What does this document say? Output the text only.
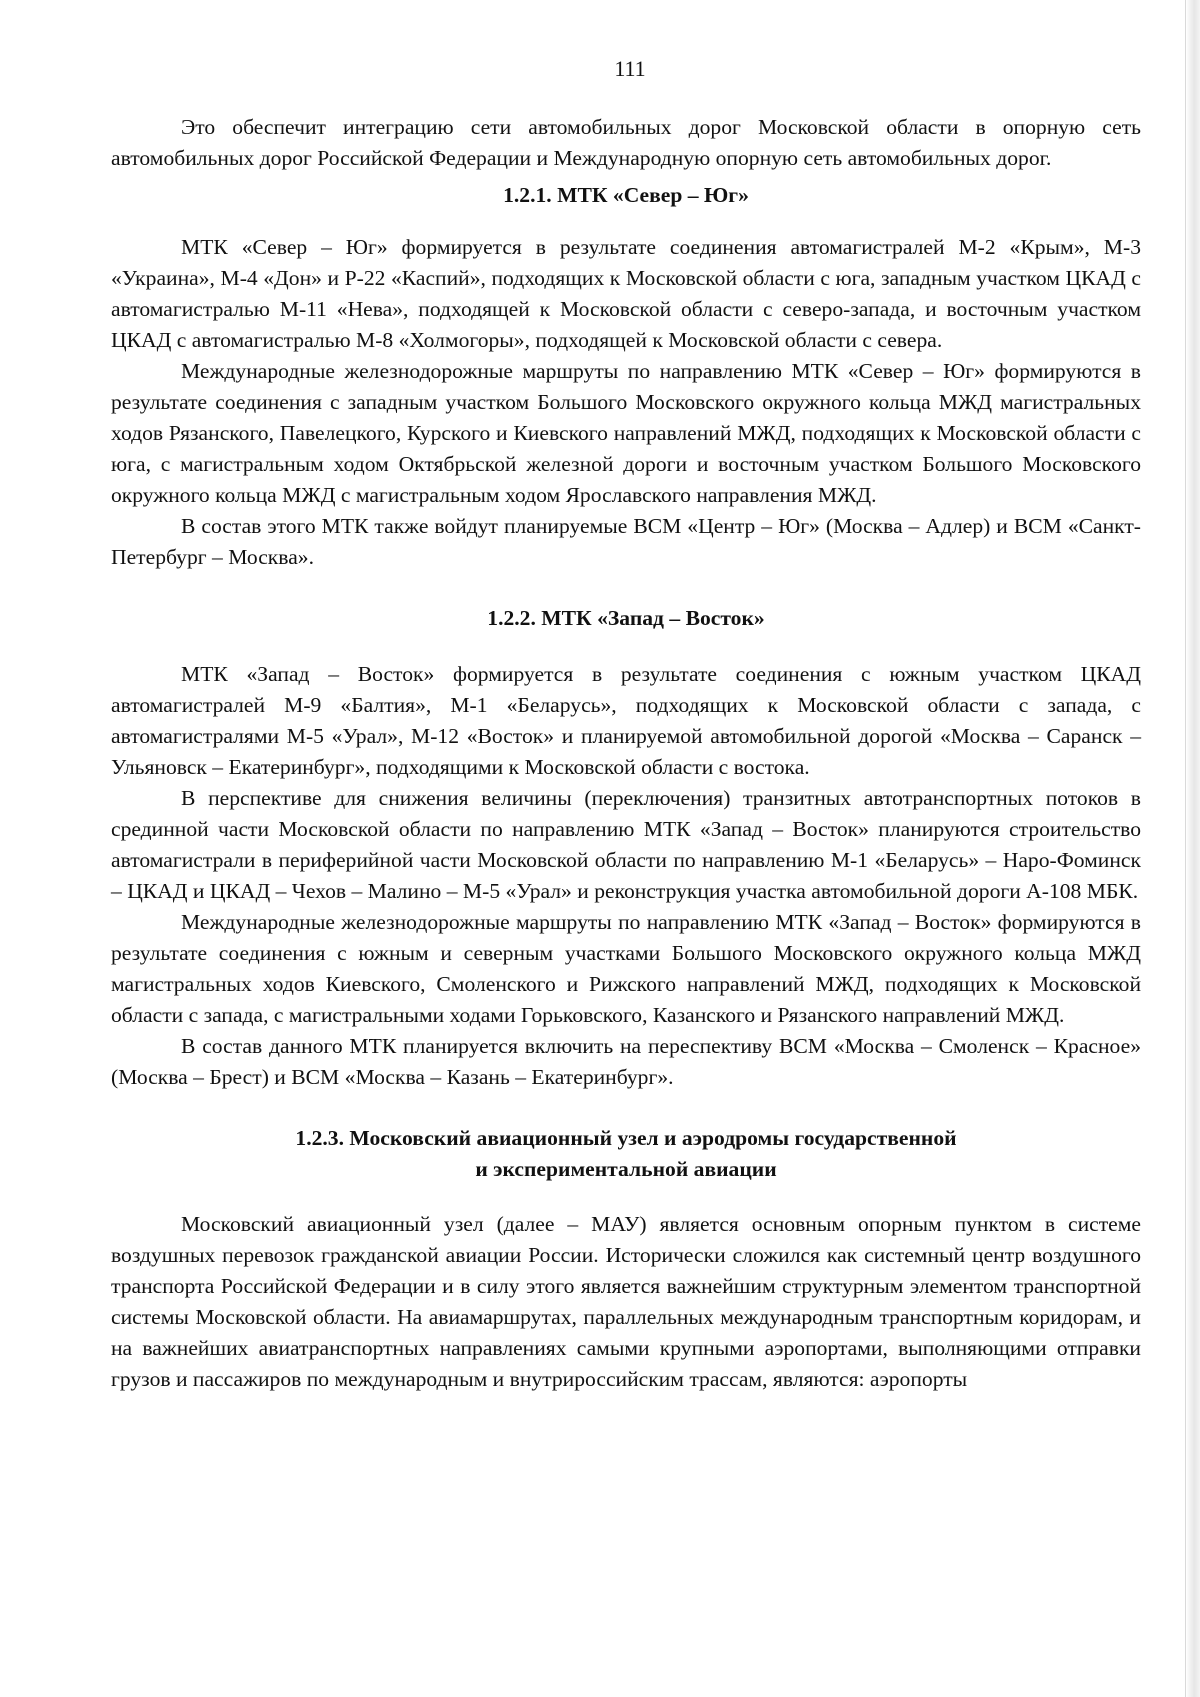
111

Это обеспечит интеграцию сети автомобильных дорог Московской области в опорную сеть автомобильных дорог Российской Федерации и Международную опорную сеть автомобильных дорог.

1.2.1. МТК «Север – Юг»

МТК «Север – Юг» формируется в результате соединения автомагистралей М-2 «Крым», М-3 «Украина», М-4 «Дон» и Р-22 «Каспий», подходящих к Московской области с юга, западным участком ЦКАД с автомагистралью М-11 «Нева», подходящей к Московской области с северо-запада, и восточным участком ЦКАД с автомагистралью М-8 «Холмогоры», подходящей к Московской области с севера.

Международные железнодорожные маршруты по направлению МТК «Север – Юг» формируются в результате соединения с западным участком Большого Московского окружного кольца МЖД магистральных ходов Рязанского, Павелецкого, Курского и Киевского направлений МЖД, подходящих к Московской области с юга, с магистральным ходом Октябрьской железной дороги и восточным участком Большого Московского окружного кольца МЖД с магистральным ходом Ярославского направления МЖД.

В состав этого МТК также войдут планируемые ВСМ «Центр – Юг» (Москва – Адлер) и ВСМ «Санкт-Петербург – Москва».

1.2.2. МТК «Запад – Восток»

МТК «Запад – Восток» формируется в результате соединения с южным участком ЦКАД автомагистралей М-9 «Балтия», М-1 «Беларусь», подходящих к Московской области с запада, с автомагистралями М-5 «Урал», М-12 «Восток» и планируемой автомобильной дорогой «Москва – Саранск – Ульяновск – Екатеринбург», подходящими к Московской области с востока.

В перспективе для снижения величины (переключения) транзитных автотранспортных потоков в срединной части Московской области по направлению МТК «Запад – Восток» планируются строительство автомагистрали в периферийной части Московской области по направлению М-1 «Беларусь» – Наро-Фоминск – ЦКАД и ЦКАД – Чехов – Малино – М-5 «Урал» и реконструкция участка автомобильной дороги А-108 МБК.

Международные железнодорожные маршруты по направлению МТК «Запад – Восток» формируются в результате соединения с южным и северным участками Большого Московского окружного кольца МЖД магистральных ходов Киевского, Смоленского и Рижского направлений МЖД, подходящих к Московской области с запада, с магистральными ходами Горьковского, Казанского и Рязанского направлений МЖД.

В состав данного МТК планируется включить на переспективу ВСМ «Москва – Смоленск – Красное» (Москва – Брест) и ВСМ «Москва – Казань – Екатеринбург».

1.2.3. Московский авиационный узел и аэродромы государственной
и экспериментальной авиации

Московский авиационный узел (далее – МАУ) является основным опорным пунктом в системе воздушных перевозок гражданской авиации России. Исторически сложился как системный центр воздушного транспорта Российской Федерации и в силу этого является важнейшим структурным элементом транспортной системы Московской области. На авиамаршрутах, параллельных международным транспортным коридорам, и на важнейших авиатранспортных направлениях самыми крупными аэропортами, выполняющими отправки грузов и пассажиров по международным и внутрироссийским трассам, являются: аэропорты
